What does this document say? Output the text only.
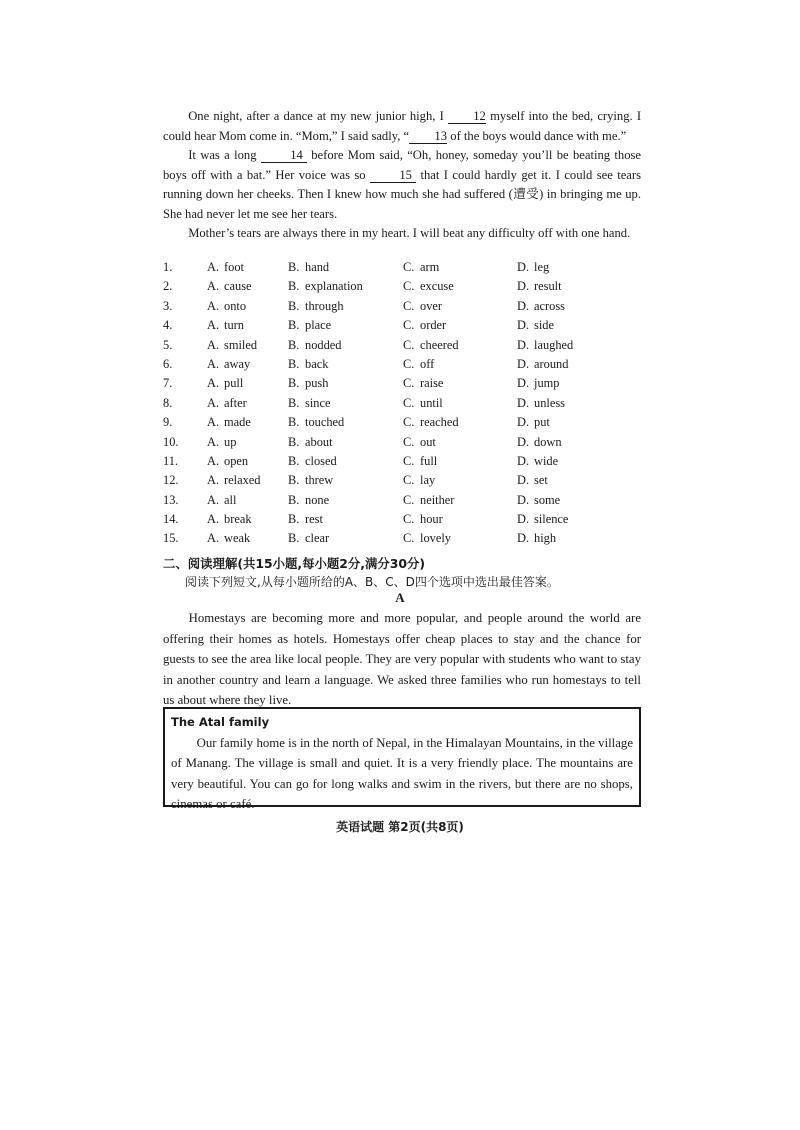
One night, after a dance at my new junior high, I 12 myself into the bed, crying. I could hear Mom come in. “Mom,” I said sadly, “ 13 of the boys would dance with me.”

It was a long	14 before Mom said, “Oh, honey, someday you’ll be beating those boys off with a bat.” Her voice was so	15 that I could hardly get it. I could see tears running down her cheeks. Then I knew how much she had suffered (遭受) in bringing me up. She had never let me see her tears.

Mother’s tears are always there in my heart. I will beat any difficulty off with one hand.

1.	A. foot	B. hand	C. arm	D. leg
2.	A. cause	B. explanation	C. excuse	D. result
3.	A. onto	B. through	C. over	D. across
4.	A. turn	B. place	C. order	D. side
5.	A. smiled B. nodded	C. cheered	D. laughed
6.	A. away	B. back	C. off	D. around
7.	A. pull	B. push	C. raise	D. jump
8.	A. after	B. since	C. until	D. unless
9.	A. made	B. touched	C. reached	D. put
10. A. up	B. about	C. out	D. down
11. A. open	B. closed	C. full	D. wide
12. A. relaxed B. threw	C. lay	D. set
13. A. all	B. none	C. neither	D. some
14. A. break	B. rest	C. hour	D. silence
15. A. weak	B. clear	C. lovely	D. high
二、阅读理解(共15小题,每小题2分,满分30分)
阅读下列短文,从每小题所给的A、B、C、D四个选项中选出最佳答案。
A

Homestays are becoming more and more popular, and people around the world are offering their homes as hotels. Homestays offer cheap places to stay and the chance for guests to see the area like local people. They are very popular with students who want to stay in another country and learn a language. We asked three families who run homestays to tell us about where they live.

The Atal family

Our family home is in the north of Nepal, in the Himalayan Mountains, in the village of Manang. The village is small and quiet. It is a very friendly place. The mountains are very beautiful. You can go for long walks and swim in the rivers, but there are no shops, cinemas or café.

英语试题 第2页(共8页)
